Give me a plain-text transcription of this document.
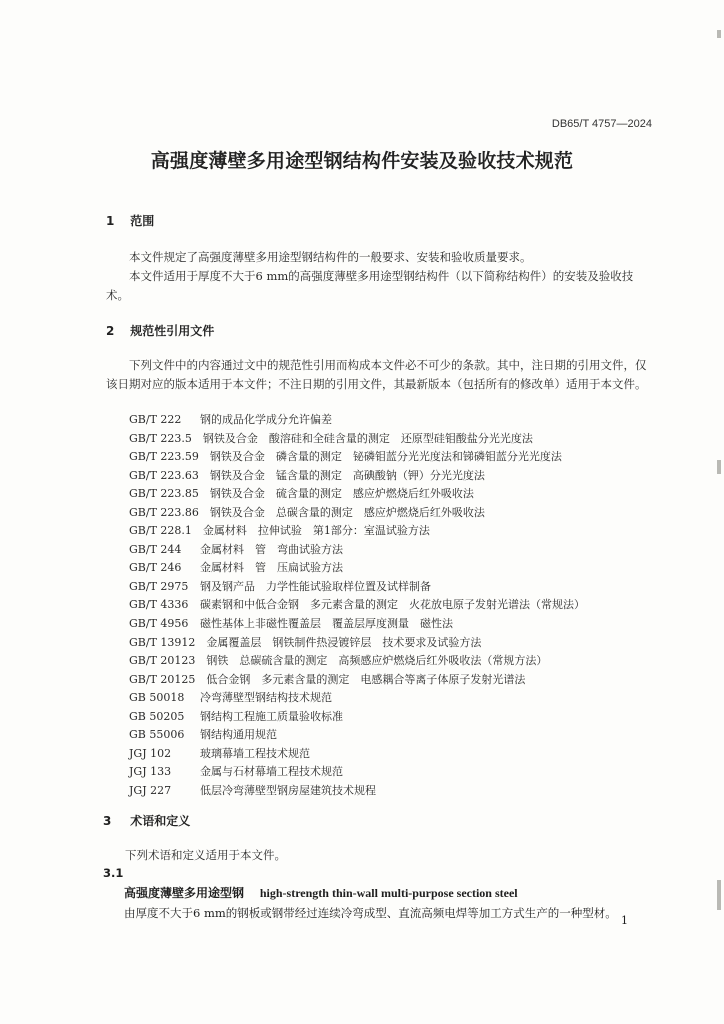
DB65/T 4757—2024
高强度薄壁多用途型钢结构件安装及验收技术规范
1 范围

本文件规定了高强度薄壁多用途型钢结构件的一般要求、安装和验收质量要求。

本文件适用于厚度不大于6 mm的高强度薄壁多用途型钢结构件（以下简称结构件）的安装及验收技术。

2 规范性引用文件

下列文件中的内容通过文中的规范性引用而构成本文件必不可少的条款。其中，注日期的引用文件，仅该日期对应的版本适用于本文件；不注日期的引用文件，其最新版本（包括所有的修改单）适用于本文件。

GB/T 222　 钢的成品化学成分允许偏差
GB/T 223.5　 钢铁及合金　酸溶硅和全硅含量的测定　还原型硅钼酸盐分光光度法
GB/T 223.59　 钢铁及合金　磷含量的测定　铋磷钼蓝分光光度法和锑磷钼蓝分光光度法
GB/T 223.63　 钢铁及合金　锰含量的测定　高碘酸钠（钾）分光光度法
GB/T 223.85　 钢铁及合金　硫含量的测定　感应炉燃烧后红外吸收法
GB/T 223.86　 钢铁及合金　总碳含量的测定　感应炉燃烧后红外吸收法
GB/T 228.1　 金属材料　拉伸试验　第1部分：室温试验方法
GB/T 244　 金属材料　管　弯曲试验方法
GB/T 246　 金属材料　管　压扁试验方法
GB/T 2975　 钢及钢产品　力学性能试验取样位置及试样制备
GB/T 4336　 碳素钢和中低合金钢　多元素含量的测定　火花放电原子发射光谱法（常规法）
GB/T 4956　 磁性基体上非磁性覆盖层　覆盖层厚度测量　磁性法
GB/T 13912　 金属覆盖层　钢铁制件热浸镀锌层　技术要求及试验方法
GB/T 20123　 钢铁　总碳硫含量的测定　高频感应炉燃烧后红外吸收法（常规方法）
GB/T 20125　 低合金钢　多元素含量的测定　电感耦合等离子体原子发射光谱法
GB 50018　 冷弯薄壁型钢结构技术规范
GB 50205　 钢结构工程施工质量验收标准
GB 55006　 钢结构通用规范
JGJ 102　	玻璃幕墙工程技术规范
JGJ 133　	金属与石材幕墙工程技术规范
JGJ 227　	低层冷弯薄壁型钢房屋建筑技术规程
3 术语和定义

下列术语和定义适用于本文件。

3.1
高强度薄壁多用途型钢 high-strength thin-wall multi-purpose section steel
由厚度不大于6 mm的钢板或钢带经过连续冷弯成型、直流高频电焊等加工方式生产的一种型材。
1
